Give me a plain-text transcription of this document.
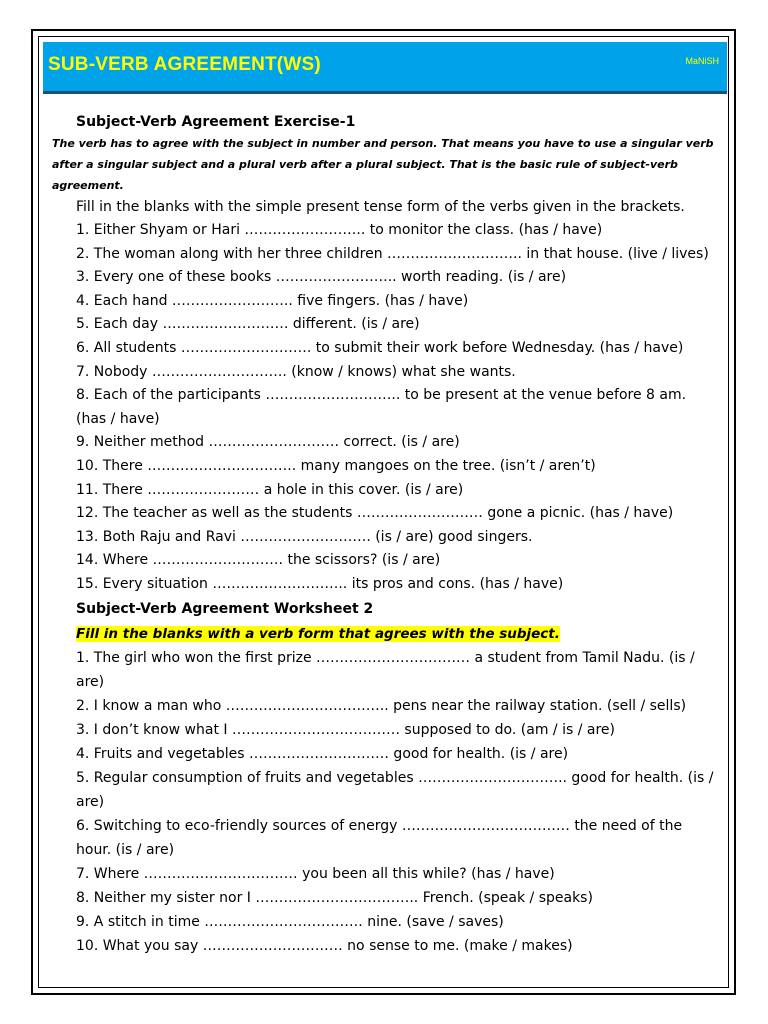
SUB-VERB AGREEMENT(WS)	MaNiSH
Subject-Verb Agreement Exercise-1
The verb has to agree with the subject in number and person. That means you have to use a singular verb after a singular subject and a plural verb after a plural subject. That is the basic rule of subject-verb agreement.
Fill in the blanks with the simple present tense form of the verbs given in the brackets.
1. Either Shyam or Hari …………………….. to monitor the class. (has / have)
2. The woman along with her three children ……………………….. in that house. (live / lives)
3. Every one of these books …………………….. worth reading. (is / are)
4. Each hand …………………….. five fingers. (has / have)
5. Each day ……………………… different. (is / are)
6. All students ………………………. to submit their work before Wednesday. (has / have)
7. Nobody ……………………….. (know / knows) what she wants.
8. Each of the participants ……………………….. to be present at the venue before 8 am. (has / have)
9. Neither method ………………………. correct. (is / are)
10. There ………………………….. many mangoes on the tree. (isn’t / aren’t)
11. There …………………… a hole in this cover. (is / are)
12. The teacher as well as the students ……………………… gone a picnic. (has / have)
13. Both Raju and Ravi ………………………. (is / are) good singers.
14. Where ………………………. the scissors? (is / are)
15. Every situation ……………………….. its pros and cons. (has / have)
Subject-Verb Agreement Worksheet 2
Fill in the blanks with a verb form that agrees with the subject.
1. The girl who won the first prize …………………………… a student from Tamil Nadu. (is / are)
2. I know a man who …………………………….. pens near the railway station. (sell / sells)
3. I don’t know what I ……………………………… supposed to do. (am / is / are)
4. Fruits and vegetables ………………………… good for health. (is / are)
5. Regular consumption of fruits and vegetables ………………………….. good for health. (is / are)
6. Switching to eco-friendly sources of energy ……………………………… the need of the hour. (is / are)
7. Where …………………………… you been all this while? (has / have)
8. Neither my sister nor I …………………………….. French. (speak / speaks)
9. A stitch in time ……………………………. nine. (save / saves)
10. What you say ………………………… no sense to me. (make / makes)
